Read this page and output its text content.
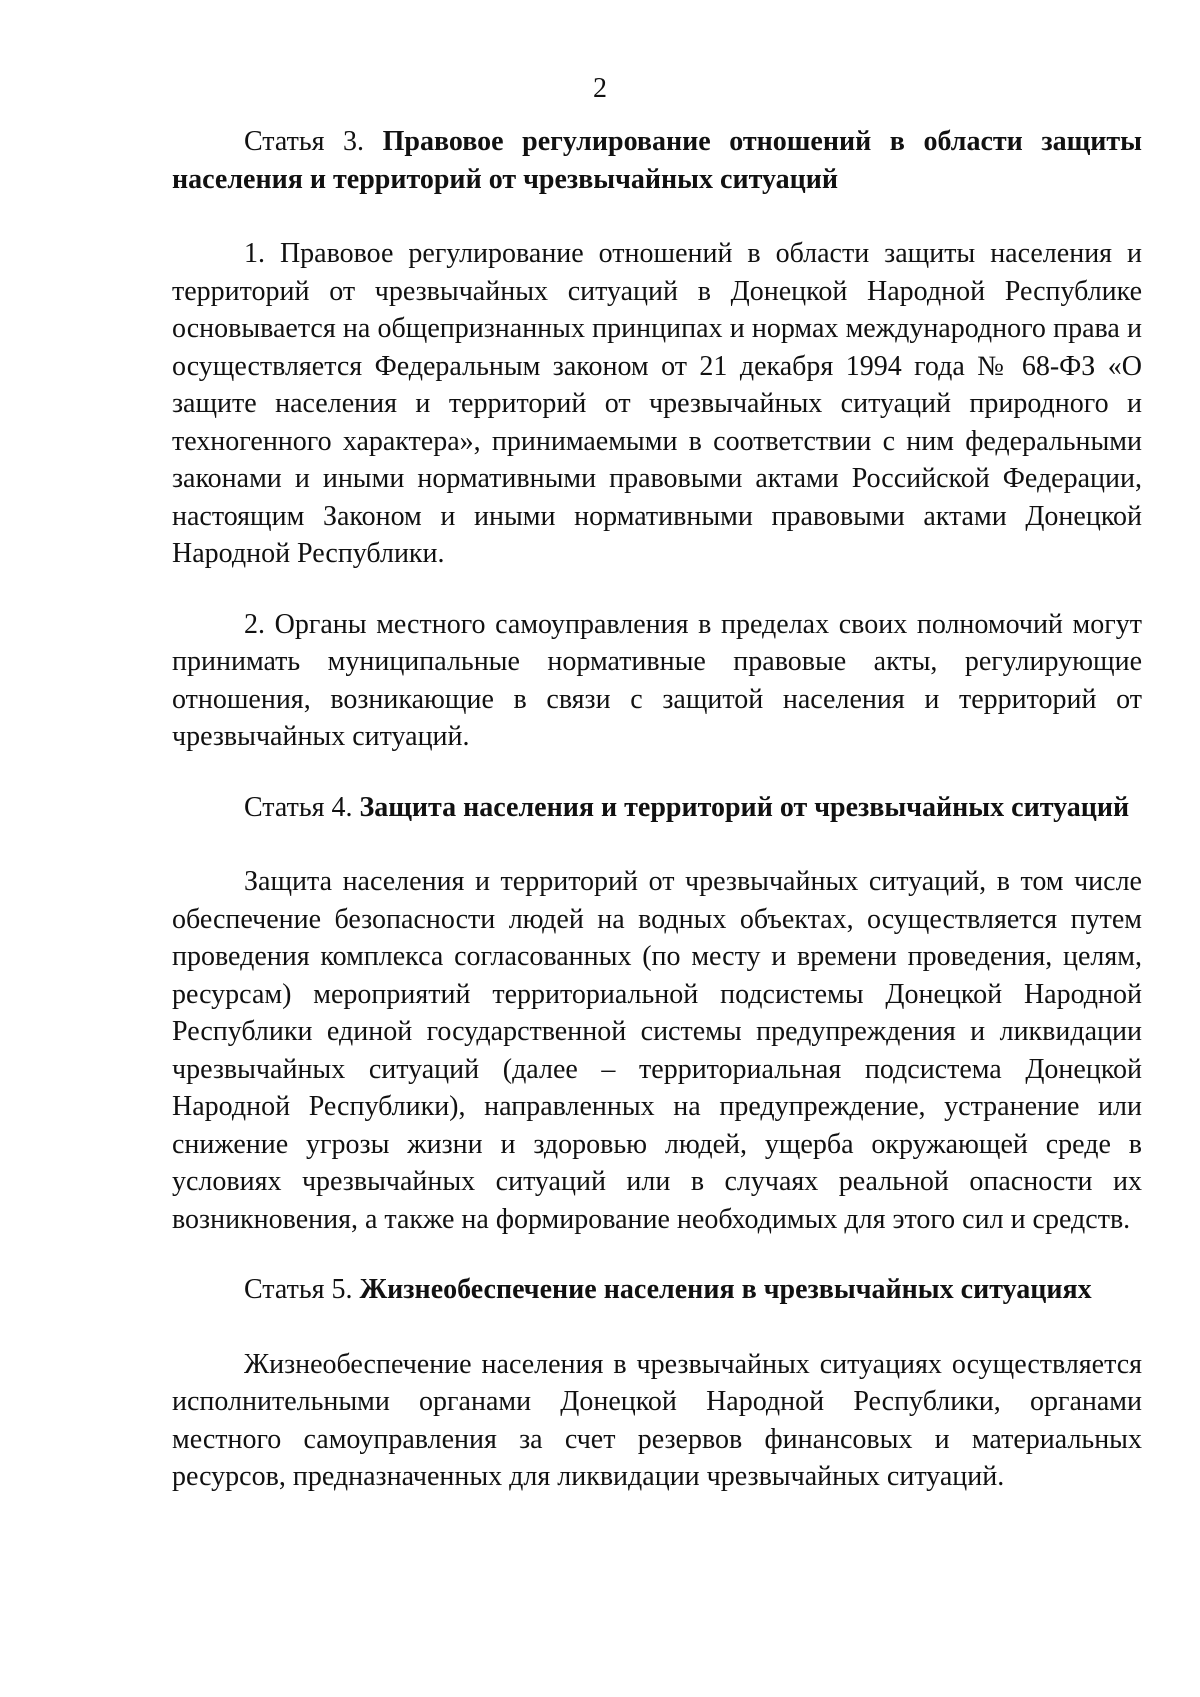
2

Статья 3. Правовое регулирование отношений в области защиты населения и территорий от чрезвычайных ситуаций

1. Правовое регулирование отношений в области защиты населения и территорий от чрезвычайных ситуаций в Донецкой Народной Республике основывается на общепризнанных принципах и нормах международного права и осуществляется Федеральным законом от 21 декабря 1994 года № 68-ФЗ «О защите населения и территорий от чрезвычайных ситуаций природного и техногенного характера», принимаемыми в соответствии с ним федеральными законами и иными нормативными правовыми актами Российской Федерации, настоящим Законом и иными нормативными правовыми актами Донецкой Народной Республики.

2. Органы местного самоуправления в пределах своих полномочий могут принимать муниципальные нормативные правовые акты, регулирующие отношения, возникающие в связи с защитой населения и территорий от чрезвычайных ситуаций.

Статья 4. Защита населения и территорий от чрезвычайных ситуаций

Защита населения и территорий от чрезвычайных ситуаций, в том числе обеспечение безопасности людей на водных объектах, осуществляется путем проведения комплекса согласованных (по месту и времени проведения, целям, ресурсам) мероприятий территориальной подсистемы Донецкой Народной Республики единой государственной системы предупреждения и ликвидации чрезвычайных ситуаций (далее – территориальная подсистема Донецкой Народной Республики), направленных на предупреждение, устранение или снижение угрозы жизни и здоровью людей, ущерба окружающей среде в условиях чрезвычайных ситуаций или в случаях реальной опасности их возникновения, а также на формирование необходимых для этого сил и средств.

Статья 5. Жизнеобеспечение населения в чрезвычайных ситуациях

Жизнеобеспечение населения в чрезвычайных ситуациях осуществляется исполнительными органами Донецкой Народной Республики, органами местного самоуправления за счет резервов финансовых и материальных ресурсов, предназначенных для ликвидации чрезвычайных ситуаций.
